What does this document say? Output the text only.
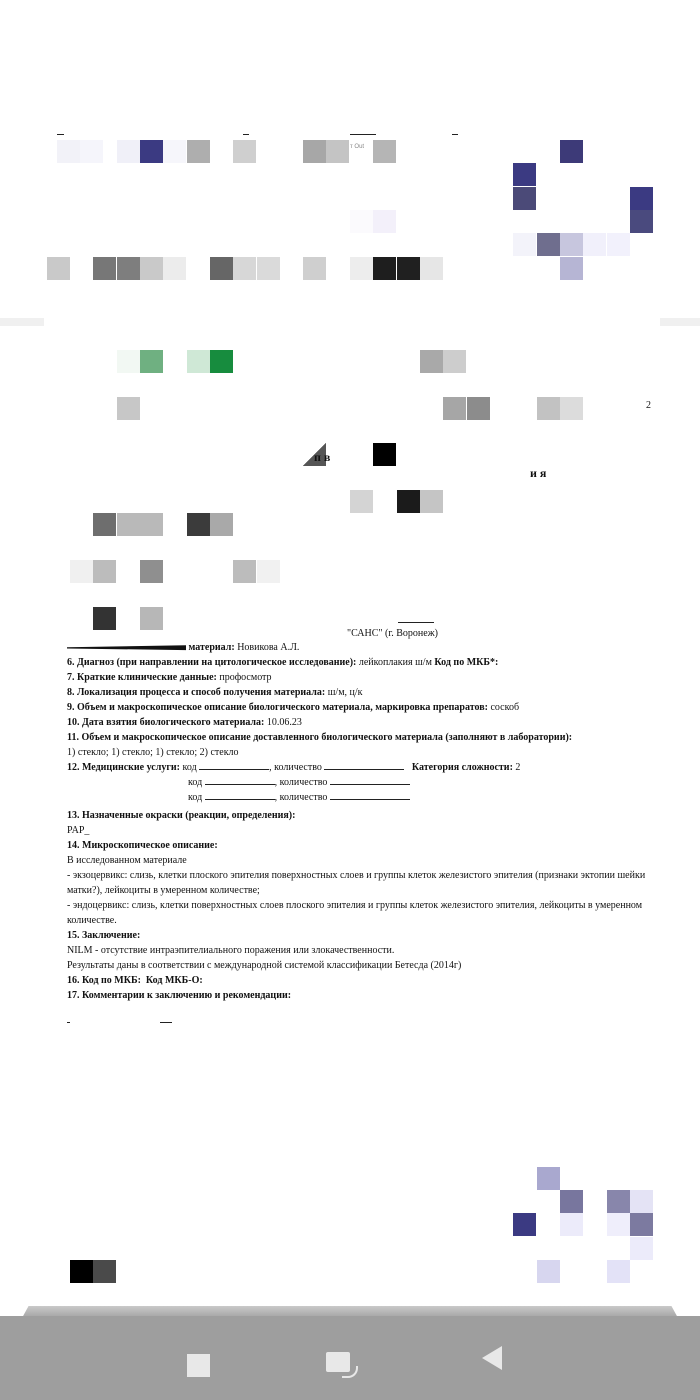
т Out
2
п в
и я
"САНС" (г. Воронеж)
материал: Новикова А.Л.
6. Диагноз (при направлении на цитологическое исследование): лейкоплакия ш/м Код по МКБ*:
7. Краткие клинические данные: профосмотр
8. Локализация процесса и способ получения материала: ш/м, ц/к
9. Объем и макроскопическое описание биологического материала, маркировка препаратов: соскоб
10. Дата взятия биологического материала: 10.06.23
11. Объем и макроскопическое описание доставленного биологического материала (заполняют в лаборатории):
1) стекло; 1) стекло; 1) стекло; 2) стекло
12. Медицинские услуги: код	, количество	Категория сложности: 2
код	, количество
код	, количество
13. Назначенные окраски (реакции, определения):
PAP_
14. Микроскопическое описание:
В исследованном материале
- экзоцервикс: слизь, клетки плоского эпителия поверхностных слоев и группы клеток железистого эпителия (признаки эктопии шейки матки?), лейкоциты в умеренном количестве;
- эндоцервикс: слизь, клетки поверхностных слоев плоского эпителия и группы клеток железистого эпителия, лейкоциты в умеренном количестве.
15. Заключение:
NILM - отсутствие интраэпителиального поражения или злокачественности.
Результаты даны в соответствии с международной системой классификации Бетесда (2014г)
16. Код по МКБ: Код МКБ-О:
17. Комментарии к заключению и рекомендации:
